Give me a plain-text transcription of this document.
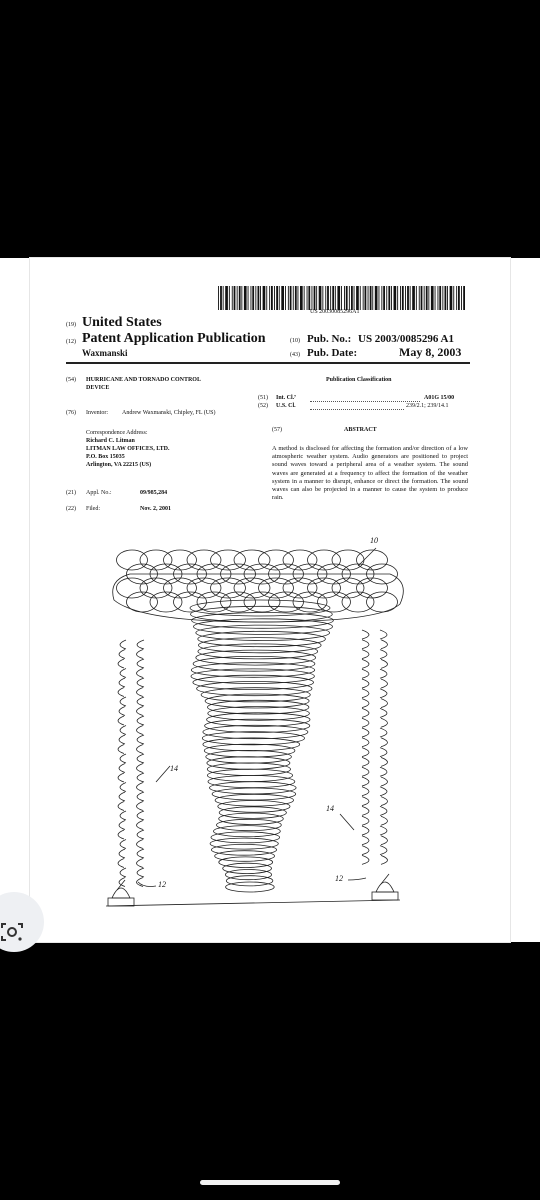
US 20030085296A1
(19) United States
(12) Patent Application Publication
Waxmanski
(10) Pub. No.: US 2003/0085296 A1
(43) Pub. Date:	May 8, 2003
(54) HURRICANE AND TORNADO CONTROL
DEVICE
(76) Inventor: Andrew Waxmanski, Chipley, FL (US)
Correspondence Address:
Richard C. Litman
LITMAN LAW OFFICES, LTD.
P.O. Box 15035
Arlington, VA 22215 (US)
(21) Appl. No.:	09/985,284
(22) Filed:	Nov. 2, 2001
Publication Classification
(51) Int. Cl.⁷	A01G 15/00
(52) U.S. Cl.	239/2.1; 239/14.1
(57)	ABSTRACT
A method is disclosed for affecting the formation and/or direction of a low atmospheric weather system. Audio generators are positioned to project sound waves toward a peripheral area of a weather system. The sound waves are generated at a frequency to affect the formation of the weather system in a manner to disrupt, enhance or direct the formation. The sound waves can also be projected in a manner to cause the system to produce rain.
10
14
14
12
12
